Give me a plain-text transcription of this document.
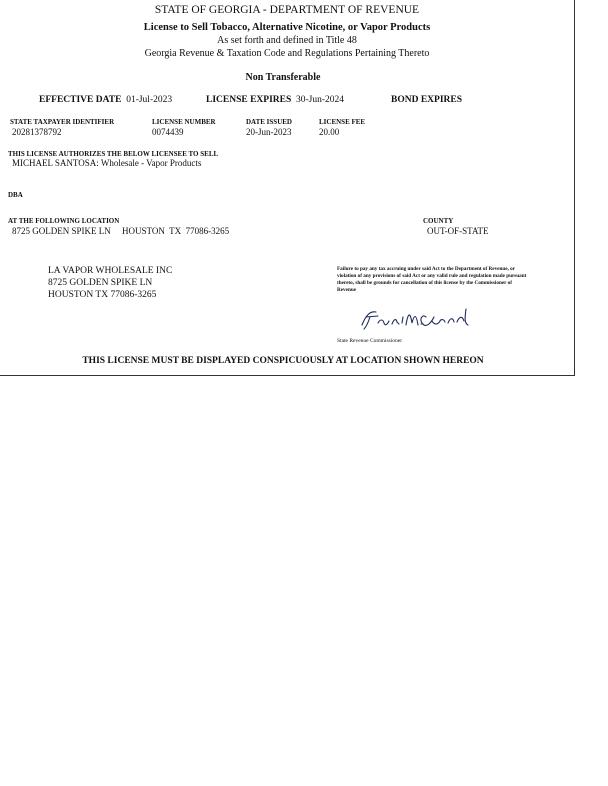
STATE OF GEORGIA - DEPARTMENT OF REVENUE
License to Sell Tobacco, Alternative Nicotine, or Vapor Products
As set forth and defined in Title 48
Georgia Revenue & Taxation Code and Regulations Pertaining Thereto
Non Transferable
EFFECTIVE DATE 01-Jul-2023	LICENSE EXPIRES 30-Jun-2024	BOND EXPIRES
STATE TAXPAYER IDENTIFIER
20281378792
LICENSE NUMBER
0074439
DATE ISSUED
20-Jun-2023
LICENSE FEE
20.00
THIS LICENSE AUTHORIZES THE BELOW LICENSEE TO SELL
MICHAEL SANTOSA: Wholesale - Vapor Products
DBA
AT THE FOLLOWING LOCATION
8725 GOLDEN SPIKE LN     HOUSTON  TX  77086-3265
COUNTY
OUT-OF-STATE
LA VAPOR WHOLESALE INC
8725 GOLDEN SPIKE LN
HOUSTON TX 77086-3265
Failure to pay any tax accruing under said Act to the Department of Revenue, or violation of any provisions of said Act or any valid rule and regulation made pursuant thereto, shall be grounds for cancellation of this license by the Commissioner of Revenue
State Revenue Commissioner
THIS LICENSE MUST BE DISPLAYED CONSPICUOUSLY AT LOCATION SHOWN HEREON
